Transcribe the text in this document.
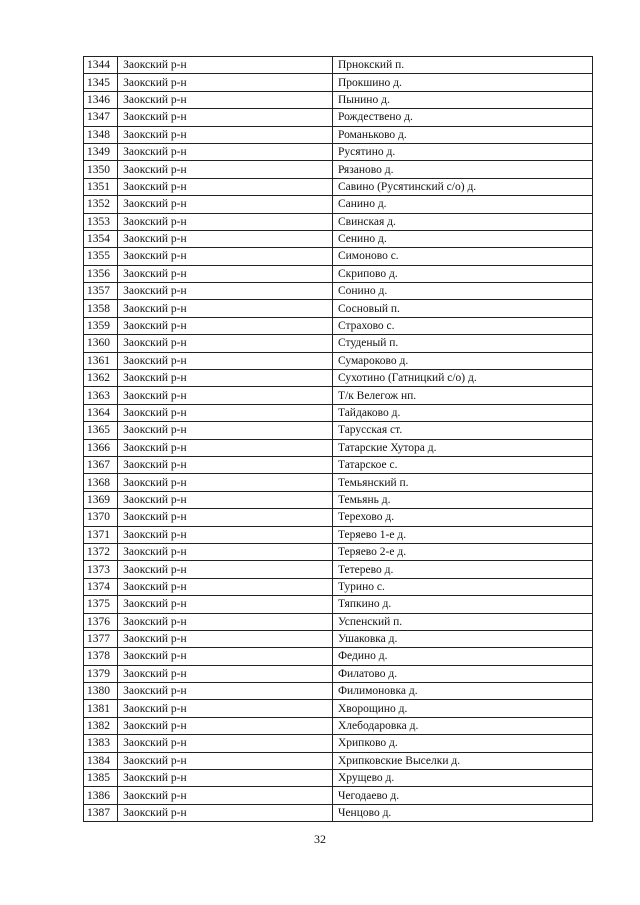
1344	Заокский р-н	Прнокский п.
1345	Заокский р-н	Прокшино д.
1346	Заокский р-н	Пынино д.
1347	Заокский р-н	Рождествено д.
1348	Заокский р-н	Романьково д.
1349	Заокский р-н	Русятино д.
1350	Заокский р-н	Рязаново д.
1351	Заокский р-н	Савино (Русятинский с/о) д.
1352	Заокский р-н	Санино д.
1353	Заокский р-н	Свинская д.
1354	Заокский р-н	Сенино д.
1355	Заокский р-н	Симоново с.
1356	Заокский р-н	Скрипово д.
1357	Заокский р-н	Сонино д.
1358	Заокский р-н	Сосновый п.
1359	Заокский р-н	Страхово с.
1360	Заокский р-н	Студеный п.
1361	Заокский р-н	Сумароково д.
1362	Заокский р-н	Сухотино (Гатницкий с/о) д.
1363	Заокский р-н	Т/к Велегож нп.
1364	Заокский р-н	Тайдаково д.
1365	Заокский р-н	Тарусская ст.
1366	Заокский р-н	Татарские Хутора д.
1367	Заокский р-н	Татарское с.
1368	Заокский р-н	Темьянский п.
1369	Заокский р-н	Темьянь д.
1370	Заокский р-н	Терехово д.
1371	Заокский р-н	Теряево 1-е д.
1372	Заокский р-н	Теряево 2-е д.
1373	Заокский р-н	Тетерево д.
1374	Заокский р-н	Турино с.
1375	Заокский р-н	Тяпкино д.
1376	Заокский р-н	Успенский п.
1377	Заокский р-н	Ушаковка д.
1378	Заокский р-н	Федино д.
1379	Заокский р-н	Филатово д.
1380	Заокский р-н	Филимоновка д.
1381	Заокский р-н	Хворощино д.
1382	Заокский р-н	Хлебодаровка д.
1383	Заокский р-н	Хрипково д.
1384	Заокский р-н	Хрипковские Выселки д.
1385	Заокский р-н	Хрущево д.
1386	Заокский р-н	Чегодаево д.
1387	Заокский р-н	Ченцово д.
32
